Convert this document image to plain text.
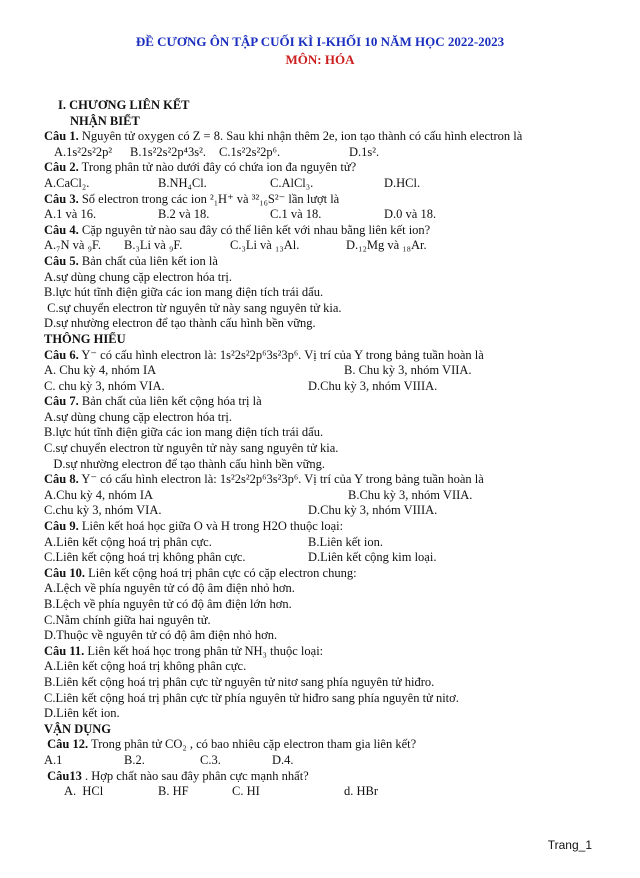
ĐỀ CƯƠNG ÔN TẬP CUỐI KÌ I-KHỐI 10 NĂM HỌC 2022-2023
MÔN: HÓA
I. CHƯƠNG LIÊN KẾT
NHẬN BIẾT
Câu 1. Nguyên tử oxygen có Z = 8. Sau khi nhận thêm 2e, ion tạo thành có cấu hình electron là
A.1s²2s²2p² B.1s²2s²2p⁴3s². C.1s²2s²2p⁶.	D.1s².
Câu 2. Trong phân tử nào dưới đây có chứa ion đa nguyên tử?
A.CaCl₂.	B.NH₄Cl.	C.AlCl₃.	D.HCl.
Câu 3. Số electron trong các ion ²₁H⁺ và ³²₁₆S²⁻ lần lượt là
A.1 và 16.	B.2 và 18.	C.1 và 18.	D.0 và 18.
Câu 4. Cặp nguyên tử nào sau đây có thể liên kết với nhau bằng liên kết ion?
A.₇N và ₉F. B.₃Li và ₉F.	C.₃Li và ₁₃Al.	D.₁₂Mg và ₁₈Ar.
Câu 5. Bản chất của liên kết ion là
A.sự dùng chung cặp electron hóa trị.
B.lực hút tĩnh điện giữa các ion mang điện tích trái dấu.
C.sự chuyển electron từ nguyên tử này sang nguyên tử kia.
D.sự nhường electron để tạo thành cấu hình bền vững.
THÔNG HIỂU
Câu 6. Y⁻ có cấu hình electron là: 1s²2s²2p⁶3s²3p⁶. Vị trí của Y trong bảng tuần hoàn là
A. Chu kỳ 4, nhóm IA	B. Chu kỳ 3, nhóm VIIA.
C. chu kỳ 3, nhóm VIA.	D.Chu kỳ 3, nhóm VIIIA.
Câu 7. Bản chất của liên kết cộng hóa trị là
A.sự dùng chung cặp electron hóa trị.
B.lực hút tĩnh điện giữa các ion mang điện tích trái dấu.
C.sự chuyển electron từ nguyên tử này sang nguyên tử kia.
D.sự nhường electron để tạo thành cấu hình bền vững.
Câu 8. Y⁻ có cấu hình electron là: 1s²2s²2p⁶3s²3p⁶. Vị trí của Y trong bảng tuần hoàn là
A.Chu kỳ 4, nhóm IA	B.Chu kỳ 3, nhóm VIIA.
C.chu kỳ 3, nhóm VIA.	D.Chu kỳ 3, nhóm VIIIA.
Câu 9. Liên kết hoá học giữa O và H trong H2O thuộc loại:
A.Liên kết cộng hoá trị phân cực.	B.Liên kết ion.
C.Liên kết cộng hoá trị không phân cực.	D.Liên kết cộng kim loại.
Câu 10. Liên kết cộng hoá trị phân cực có cặp electron chung:
A.Lệch về phía nguyên tử có độ âm điện nhỏ hơn.
B.Lệch về phía nguyên tử có độ âm điện lớn hơn.
C.Nằm chính giữa hai nguyên tử.
D.Thuộc về nguyên tử có độ âm điện nhỏ hơn.
Câu 11. Liên kết hoá học trong phân tử NH₃ thuộc loại:
A.Liên kết cộng hoá trị không phân cực.
B.Liên kết cộng hoá trị phân cực từ nguyên tử nitơ sang phía nguyên tử hiđro.
C.Liên kết cộng hoá trị phân cực từ phía nguyên tử hiđro sang phía nguyên tử nitơ.
D.Liên kết ion.
VẬN DỤNG
Câu 12. Trong phân tử CO₂ , có bao nhiêu cặp electron tham gia liên kết?
A.1	B.2.	C.3.	D.4.
Câu13 . Hợp chất nào sau đây phân cực mạnh nhất?

A.  HCl

	B. HF

	C. HI

	d. HBr

Trang_1
